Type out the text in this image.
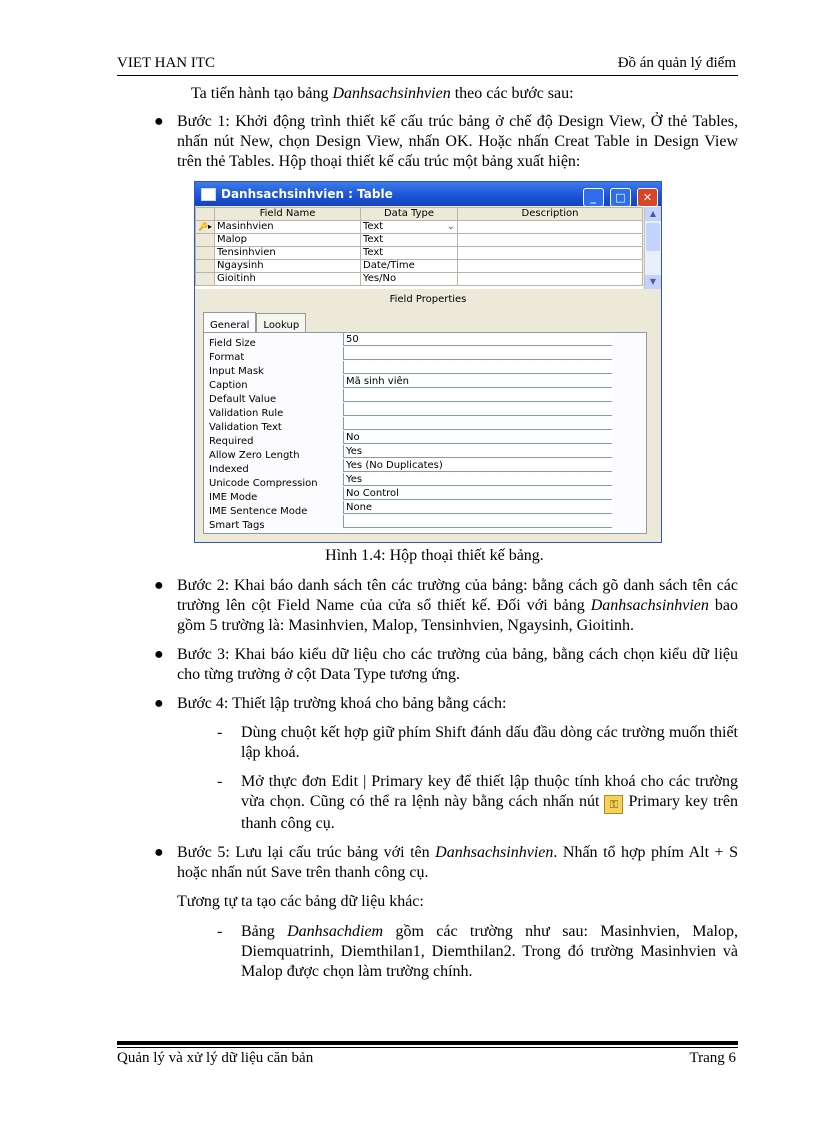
VIET HAN ITC	Đồ án quản lý điểm

Ta tiến hành tạo bảng Danhsachsinhvien theo các bước sau:

● Bước 1: Khởi động trình thiết kế cấu trúc bảng ở chế độ Design View, Ở thẻ Tables, nhấn nút New, chọn Design View, nhấn OK. Hoặc nhấn Creat Table in Design View trên thẻ Tables. Hộp thoại thiết kế cấu trúc một bảng xuất hiện:
Danhsachsinhvien : Table	_ □ ✕
	Field Name	Data Type	Description
🔑▸	Masinhvien	Text ⌄	

	Malop	Text	
	Tensinhvien	Text	
	Ngaysinh	Date/Time	
	Gioitinh	Yes/No	
▲
▼
Field Properties
General Lookup
Field Size	50
Format
Input Mask
Caption	Mã sinh viên
Default Value
Validation Rule
Validation Text
Required	No
Allow Zero Length	Yes
Indexed	Yes (No Duplicates)
Unicode Compression	Yes
IME Mode	No Control
IME Sentence Mode	None
Smart Tags

Hình 1.4: Hộp thoại thiết kế bảng.

● Bước 2: Khai báo danh sách tên các trường của bảng: bằng cách gõ danh sách tên các trường lên cột Field Name của cửa sổ thiết kế. Đối với bảng Danhsachsinhvien bao gồm 5 trường là: Masinhvien, Malop, Tensinhvien, Ngaysinh, Gioitinh.
● Bước 3: Khai báo kiểu dữ liệu cho các trường của bảng, bằng cách chọn kiểu dữ liệu cho từng trường ở cột Data Type tương ứng.
● Bước 4: Thiết lập trường khoá cho bảng bằng cách:
- Dùng chuột kết hợp giữ phím Shift đánh dấu đầu dòng các trường muốn thiết lập khoá.
- Mở thực đơn Edit | Primary key để thiết lập thuộc tính khoá cho các trường vừa chọn. Cũng có thể ra lệnh này bằng cách nhấn nút ⚿ Primary key trên thanh công cụ.
● Bước 5: Lưu lại cấu trúc bảng với tên Danhsachsinhvien. Nhấn tổ hợp phím Alt + S hoặc nhấn nút Save trên thanh công cụ.

Tương tự ta tạo các bảng dữ liệu khác:

- Bảng Danhsachdiem gồm các trường như sau: Masinhvien, Malop, Diemquatrinh, Diemthilan1, Diemthilan2. Trong đó trường Masinhvien và Malop được chọn làm trường chính.
Quản lý và xử lý dữ liệu căn bản	Trang 6
